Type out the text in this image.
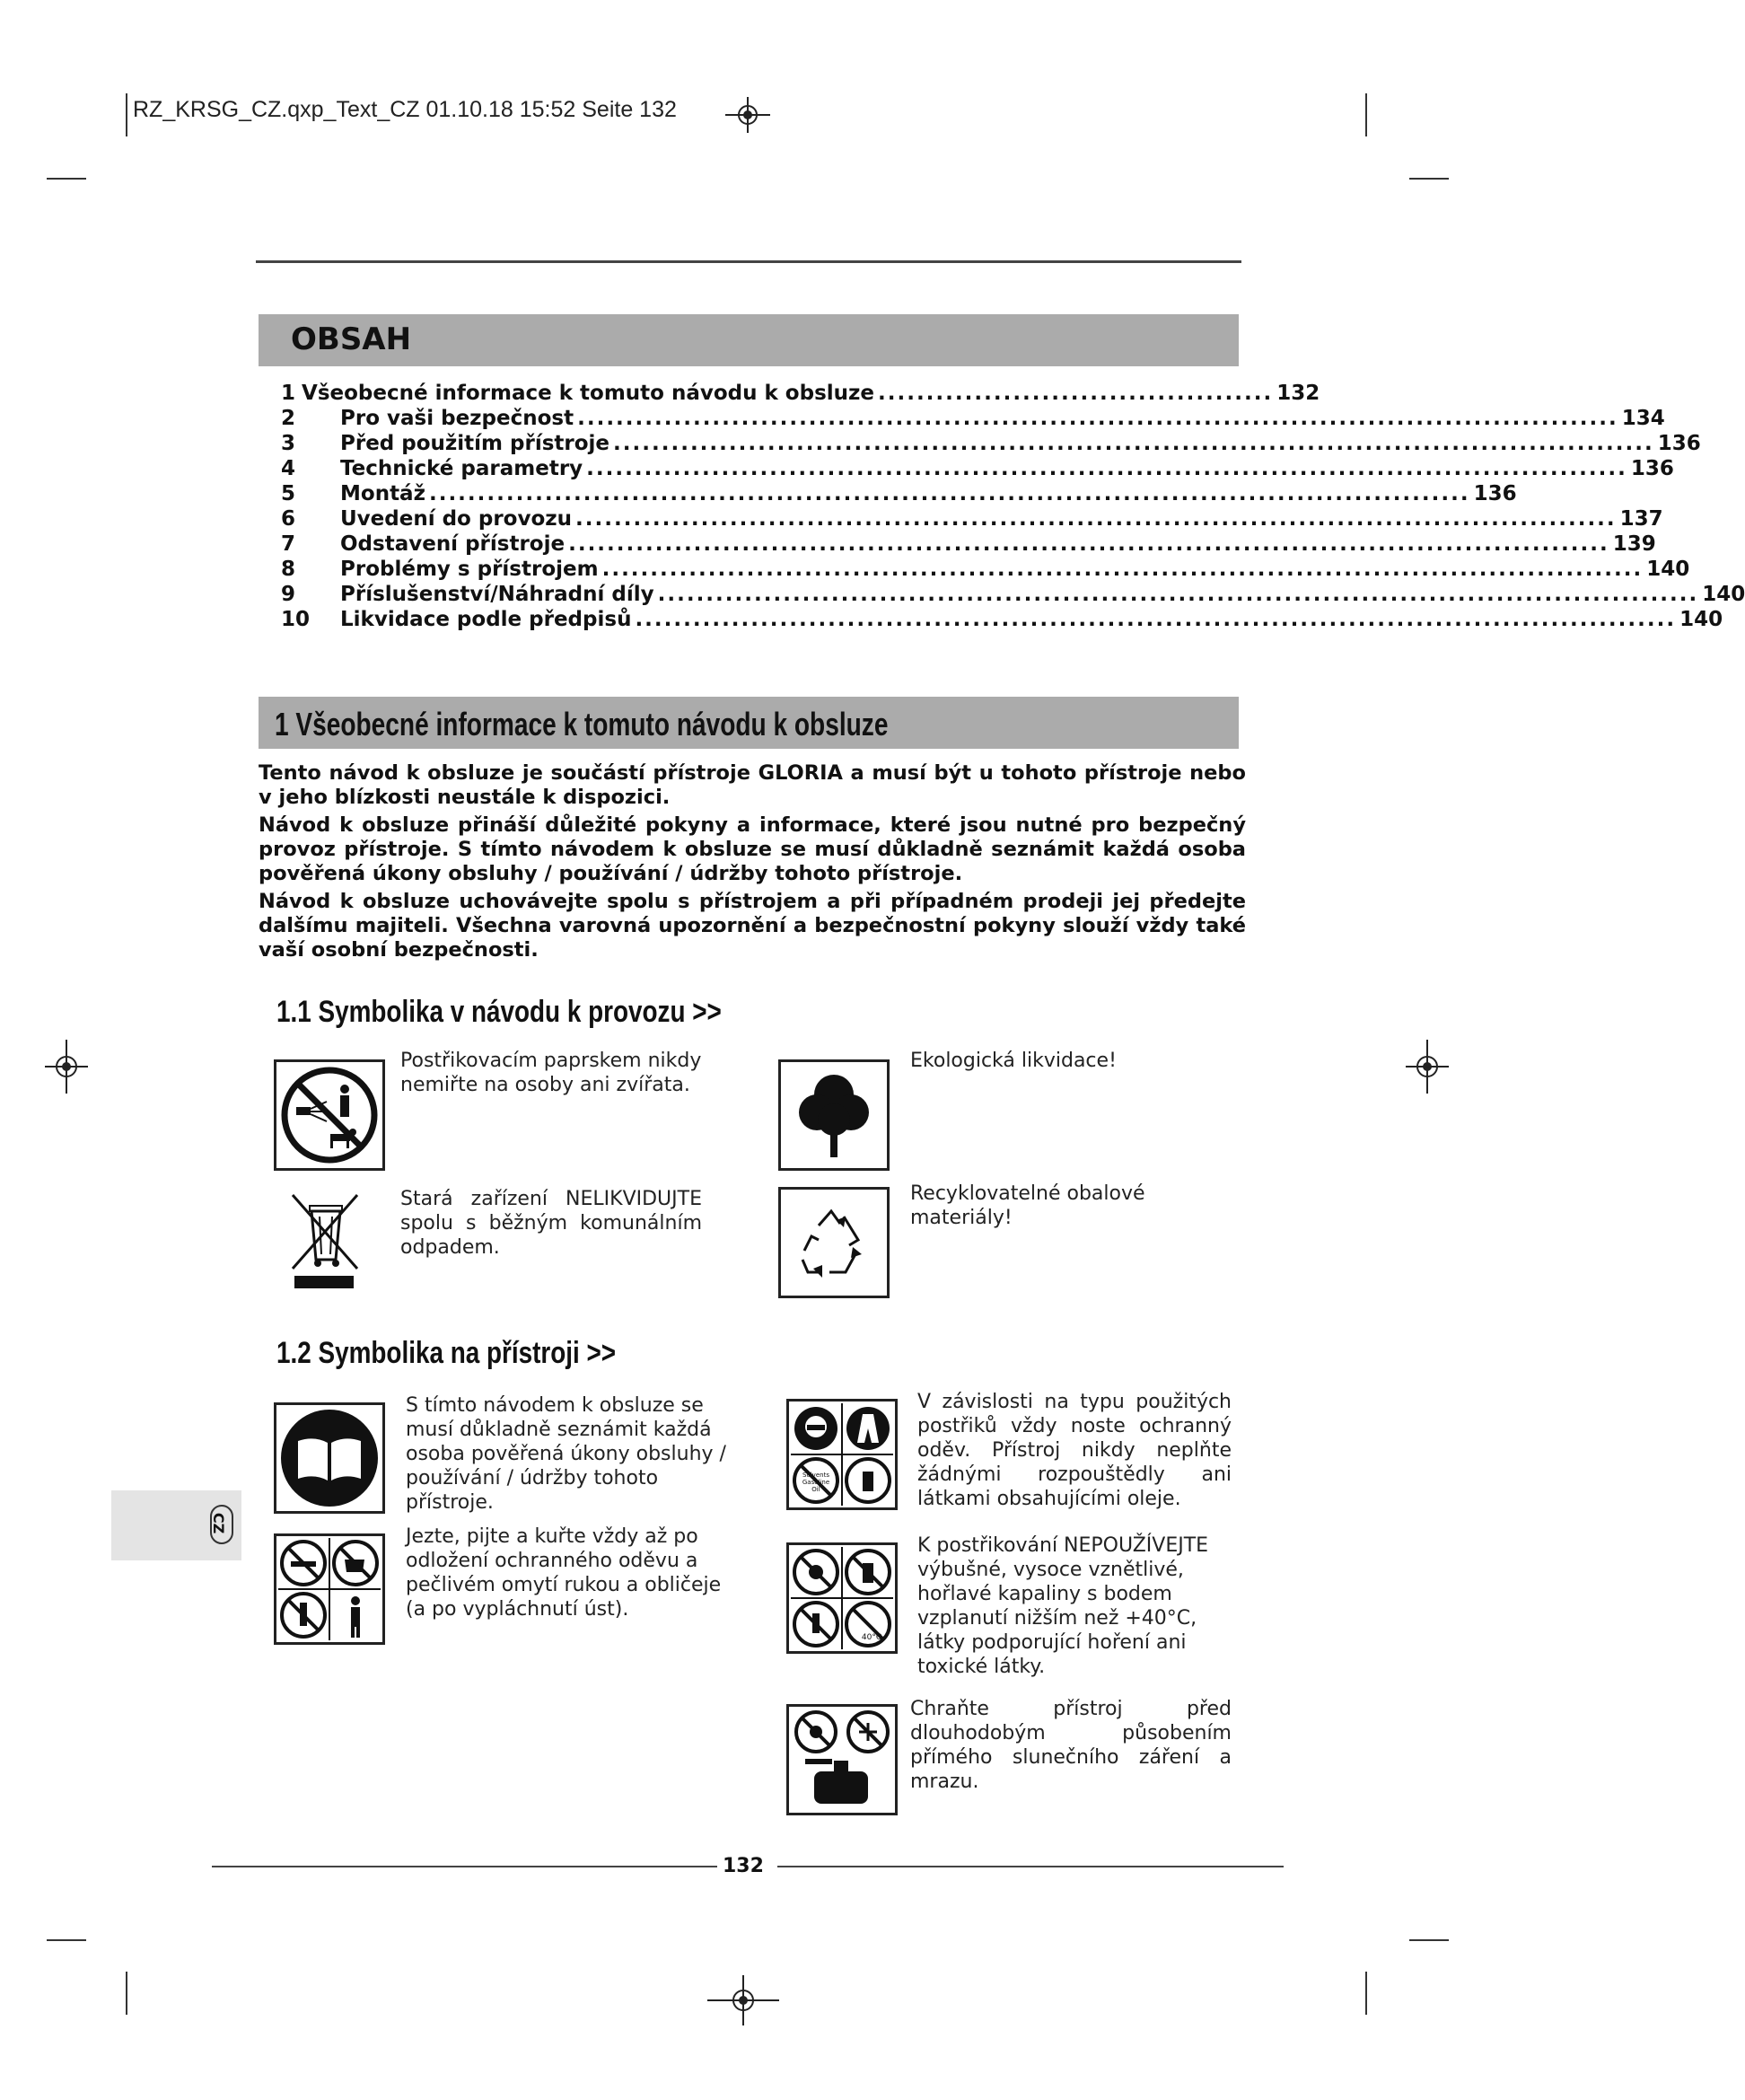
RZ_KRSG_CZ.qxp_Text_CZ 01.10.18 15:52 Seite 132
OBSAH
1 Všeobecné informace k tomuto návodu k obsluze ......................................... 132
2	Pro vaši bezpečnost ............................................................................................................ 134
3	Před použitím přístroje ............................................................................................................ 136
4	Technické parametry ............................................................................................................ 136
5	Montáž ............................................................................................................ 136
6	Uvedení do provozu ............................................................................................................ 137
7	Odstavení přístroje ............................................................................................................ 139
8	Problémy s přístrojem ............................................................................................................ 140
9	Příslušenství/Náhradní díly ............................................................................................................ 140
10	Likvidace podle předpisů ............................................................................................................ 140
1 Všeobecné informace k tomuto návodu k obsluze

Tento návod k obsluze je součástí přístroje GLORIA a musí být u tohoto přístroje nebo v jeho blízkosti neustále k dispozici.

Návod k obsluze přináší důležité pokyny a informace, které jsou nutné pro bezpečný provoz přístroje. S tímto návodem k obsluze se musí důkladně seznámit každá osoba pověřená úkony obsluhy / používání / údržby tohoto přístroje.

Návod k obsluze uchovávejte spolu s přístrojem a při případném prodeji jej předejte dalšímu majiteli. Všechna varovná upozornění a bezpečnostní pokyny slouží vždy také vaší osobní bezpečnosti.

1.1 Symbolika v návodu k provozu >>
Postřikovacím paprskem nikdy nemiřte na osoby ani zvířata.
Ekologická likvidace!
Stará zařízení NELIKVIDUJTE spolu s běžným komunálním odpadem.
Recyklovatelné obalové materiály!
1.2 Symbolika na přístroji >>
S tímto návodem k obsluze se musí důkladně seznámit každá osoba pověřená úkony obsluhy / používání / údržby tohoto přístroje.
Jezte, pijte a kuřte vždy až po odložení ochranného oděvu a pečlivém omytí rukou a obličeje (a po vypláchnutí úst).
Solvents
Gasoline
Oil
V závislosti na typu použitých postřiků vždy noste ochranný oděv. Přístroj nikdy neplňte žádnými rozpouštědly ani látkami obsahujícími oleje.
40°C
K postřikování NEPOUŽÍVEJTE výbušné, vysoce vznětlivé, hořlavé kapaliny s bodem vzplanutí nižším než +40°C, látky podporující hoření ani toxické látky.
Chraňte přístroj před dlouhodobým působením přímého slunečního záření a mrazu.
CZ
132
